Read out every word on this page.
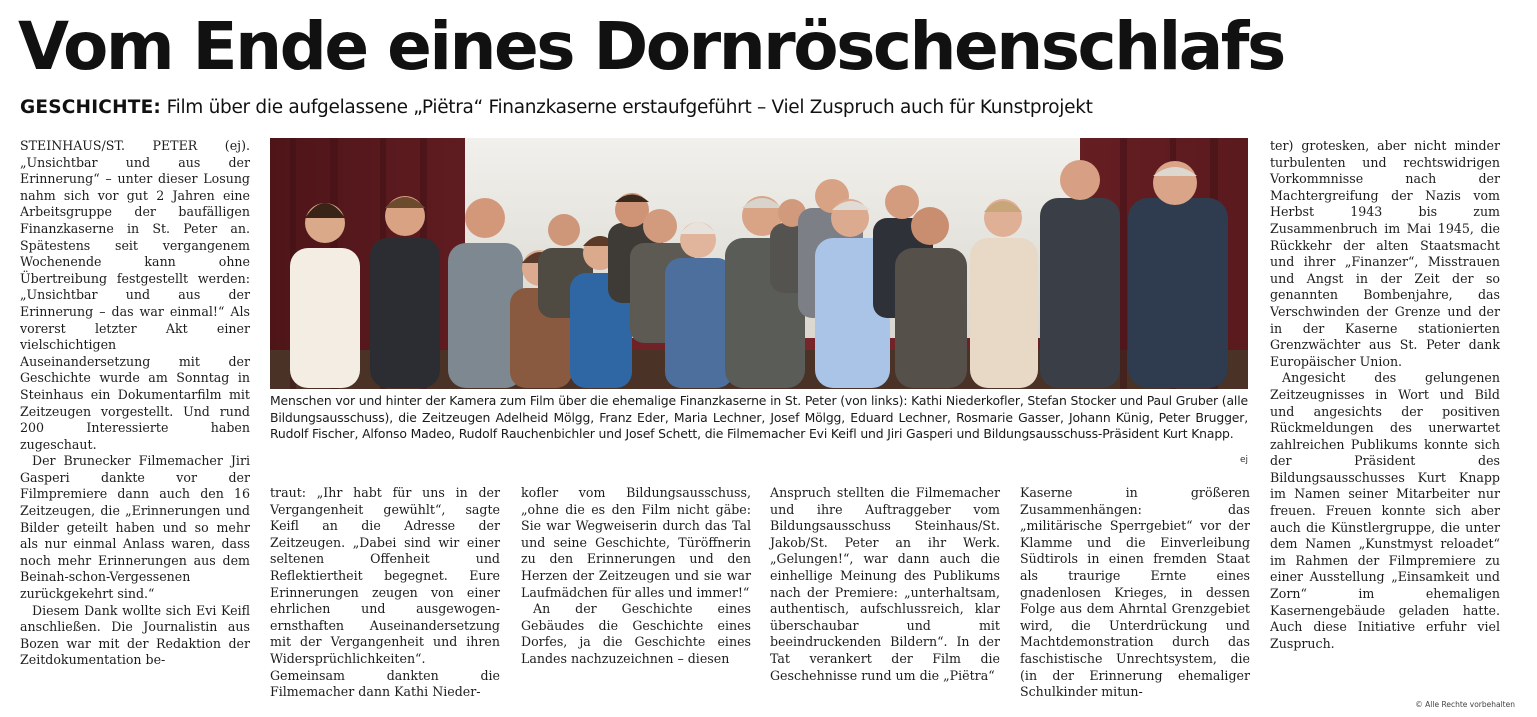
Vom Ende eines Dornröschenschlafs
GESCHICHTE: Film über die aufgelassene „Piëtra“ Finanzkaserne erstaufgeführt – Viel Zuspruch auch für Kunstprojekt

STEINHAUS/ST. PETER (ej). „Unsichtbar und aus der Erinnerung“ – unter dieser Losung nahm sich vor gut 2 Jahren eine Arbeitsgruppe der baufälligen Finanzkaserne in St. Peter an. Spätestens seit vergangenem Wochenende kann ohne Übertreibung festgestellt werden: „Unsichtbar und aus der Erinnerung – das war einmal!“ Als vorerst letzter Akt einer vielschichtigen Auseinandersetzung mit der Geschichte wurde am Sonntag in Steinhaus ein Dokumentarfilm mit Zeitzeugen vorgestellt. Und rund 200 Interessierte haben zugeschaut.

Der Brunecker Filmemacher Jiri Gasperi dankte vor der Filmpremiere dann auch den 16 Zeitzeugen, die „Erinnerungen und Bilder geteilt haben und so mehr als nur einmal Anlass waren, dass noch mehr Erinnerungen aus dem Beinah-schon-Vergessenen zurückgekehrt sind.“

Diesem Dank wollte sich Evi Keifl anschließen. Die Journalistin aus Bozen war mit der Redaktion der Zeitdokumentation be-

Menschen vor und hinter der Kamera zum Film über die ehemalige Finanzkaserne in St. Peter (von links): Kathi Niederkofler, Stefan Stocker und Paul Gruber (alle Bildungsausschuss), die Zeitzeugen Adelheid Mölgg, Franz Eder, Maria Lechner, Josef Mölgg, Eduard Lechner, Rosmarie Gasser, Johann Künig, Peter Brugger, Rudolf Fischer, Alfonso Madeo, Rudolf Rauchenbichler und Josef Schett, die Filmemacher Evi Keifl und Jiri Gasperi und Bildungsausschuss-Präsident Kurt Knapp.
ej

traut: „Ihr habt für uns in der Vergangenheit gewühlt“, sagte Keifl an die Adresse der Zeitzeugen. „Dabei sind wir einer seltenen Offenheit und Reflektiertheit begegnet. Eure Erinnerungen zeugen von einer ehrlichen und ausgewogen-ernsthaften Auseinandersetzung mit der Vergangenheit und ihren Widersprüchlichkeiten“. Gemeinsam dankten die Filmemacher dann Kathi Nieder-

kofler vom Bildungsausschuss, „ohne die es den Film nicht gäbe: Sie war Wegweiserin durch das Tal und seine Geschichte, Türöffnerin zu den Erinnerungen und den Herzen der Zeitzeugen und sie war Laufmädchen für alles und immer!“

An der Geschichte eines Gebäudes die Geschichte eines Dorfes, ja die Geschichte eines Landes nachzuzeichnen – diesen

Anspruch stellten die Filmemacher und ihre Auftraggeber vom Bildungsausschuss Steinhaus/St. Jakob/St. Peter an ihr Werk. „Gelungen!“, war dann auch die einhellige Meinung des Publikums nach der Premiere: „unterhaltsam, authentisch, aufschlussreich, klar überschaubar und mit beeindruckenden Bildern“. In der Tat verankert der Film die Geschehnisse rund um die „Piëtra“

Kaserne in größeren Zusammenhängen: das „militärische Sperrgebiet“ vor der Klamme und die Einverleibung Südtirols in einen fremden Staat als traurige Ernte eines gnadenlosen Krieges, in dessen Folge aus dem Ahrntal Grenzgebiet wird, die Unterdrückung und Machtdemonstration durch das faschistische Unrechtsystem, die (in der Erinnerung ehemaliger Schulkinder mitun-

ter) grotesken, aber nicht minder turbulenten und rechtswidrigen Vorkommnisse nach der Machtergreifung der Nazis vom Herbst 1943 bis zum Zusammenbruch im Mai 1945, die Rückkehr der alten Staatsmacht und ihrer „Finanzer“, Misstrauen und Angst in der Zeit der so genannten Bombenjahre, das Verschwinden der Grenze und der in der Kaserne stationierten Grenzwächter aus St. Peter dank Europäischer Union.

Angesicht des gelungenen Zeitzeugnisses in Wort und Bild und angesichts der positiven Rückmeldungen des unerwartet zahlreichen Publikums konnte sich der Präsident des Bildungsausschusses Kurt Knapp im Namen seiner Mitarbeiter nur freuen. Freuen konnte sich aber auch die Künstlergruppe, die unter dem Namen „Kunstmyst reloadet“ im Rahmen der Filmpremiere zu einer Ausstellung „Einsamkeit und Zorn“ im ehemaligen Kasernengebäude geladen hatte. Auch diese Initiative erfuhr viel Zuspruch.

© Alle Rechte vorbehalten
